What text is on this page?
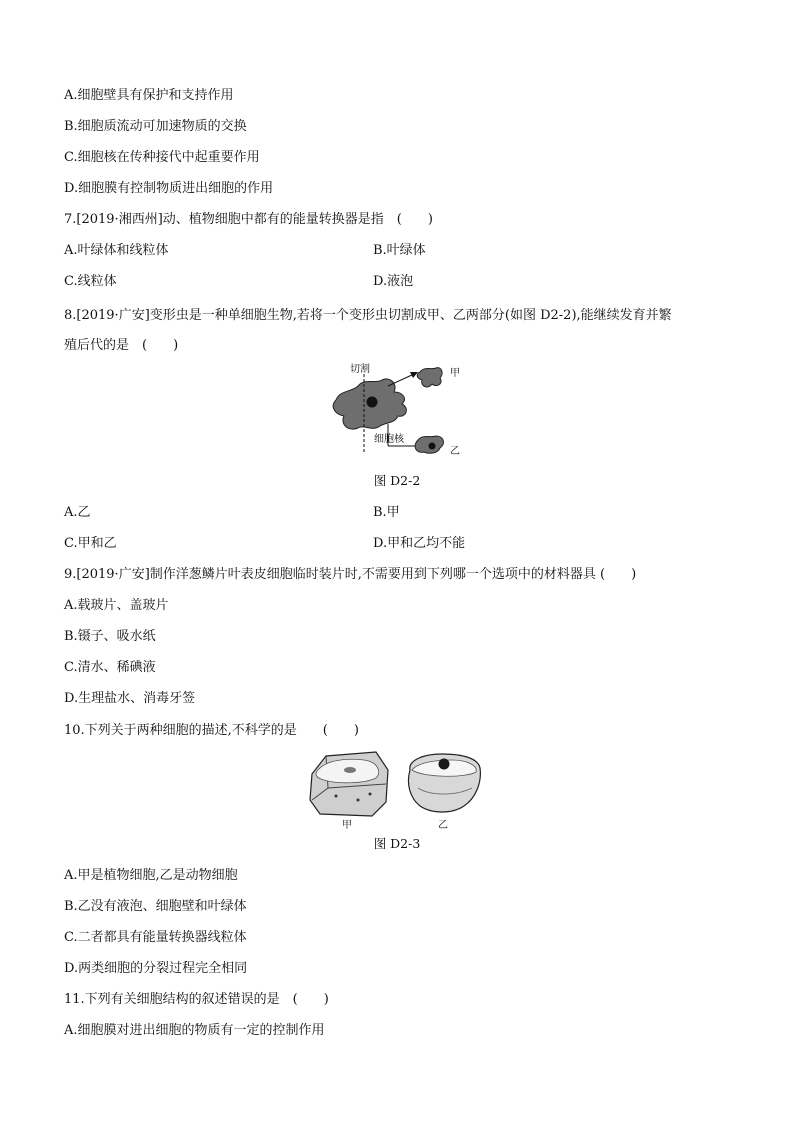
A.细胞壁具有保护和支持作用
B.细胞质流动可加速物质的交换
C.细胞核在传种接代中起重要作用
D.细胞膜有控制物质进出细胞的作用
7.[2019·湘西州]动、植物细胞中都有的能量转换器是指　(　　)
A.叶绿体和线粒体	B.叶绿体
C.线粒体	D.液泡
8.[2019·广安]变形虫是一种单细胞生物,若将一个变形虫切割成甲、乙两部分(如图 D2-2),能继续发育并繁
殖后代的是　(　　)
切割	甲
细胞核
乙
图 D2-2
A.乙	B.甲
C.甲和乙	D.甲和乙均不能
9.[2019·广安]制作洋葱鳞片叶表皮细胞临时装片时,不需要用到下列哪一个选项中的材料器具 (　　)
A.载玻片、盖玻片
B.镊子、吸水纸
C.清水、稀碘液
D.生理盐水、消毒牙签
10.下列关于两种细胞的描述,不科学的是　　(　　)
甲	乙
图 D2-3
A.甲是植物细胞,乙是动物细胞
B.乙没有液泡、细胞壁和叶绿体
C.二者都具有能量转换器线粒体
D.两类细胞的分裂过程完全相同
11.下列有关细胞结构的叙述错误的是　(　　)
A.细胞膜对进出细胞的物质有一定的控制作用
